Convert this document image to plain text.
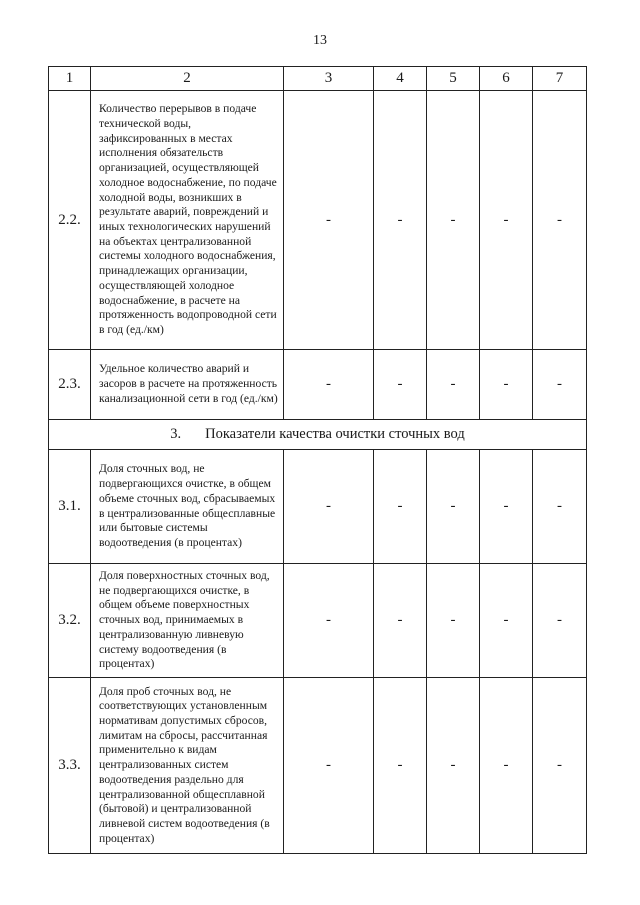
13
1	2	3	4	5	6	7
2.2.	Количество перерывов в подаче технической воды, зафиксированных в местах исполнения обязательств организацией, осуществляющей холодное водоснабжение, по подаче холодной воды, возникших в результате аварий, повреждений и иных технологических нарушений на объектах централизованной системы холодного водоснабжения, принадлежащих организации, осуществляющей холодное водоснабжение, в расчете на протяженность водопроводной сети в год (ед./км)	-	-	-	-	-
2.3.	Удельное количество аварий и засоров в расчете на протяженность канализационной сети в год (ед./км)	-	-	-	-	-
3. Показатели качества очистки сточных вод						
3.1.	Доля сточных вод, не подвергающихся очистке, в общем объеме сточных вод, сбрасываемых в централизованные общесплавные или бытовые системы водоотведения (в процентах)	-	-	-	-	-
3.2.	Доля поверхностных сточных вод, не подвергающихся очистке, в общем объеме поверхностных сточных вод, принимаемых в централизованную ливневую систему водоотведения (в процентах)	-	-	-	-	-
3.3.	Доля проб сточных вод, не соответствующих установленным нормативам допустимых сбросов, лимитам на сбросы, рассчитанная применительно к видам централизованных систем водоотведения раздельно для централизованной общесплавной (бытовой) и централизованной ливневой систем водоотведения (в процентах)	-	-	-	-	-
